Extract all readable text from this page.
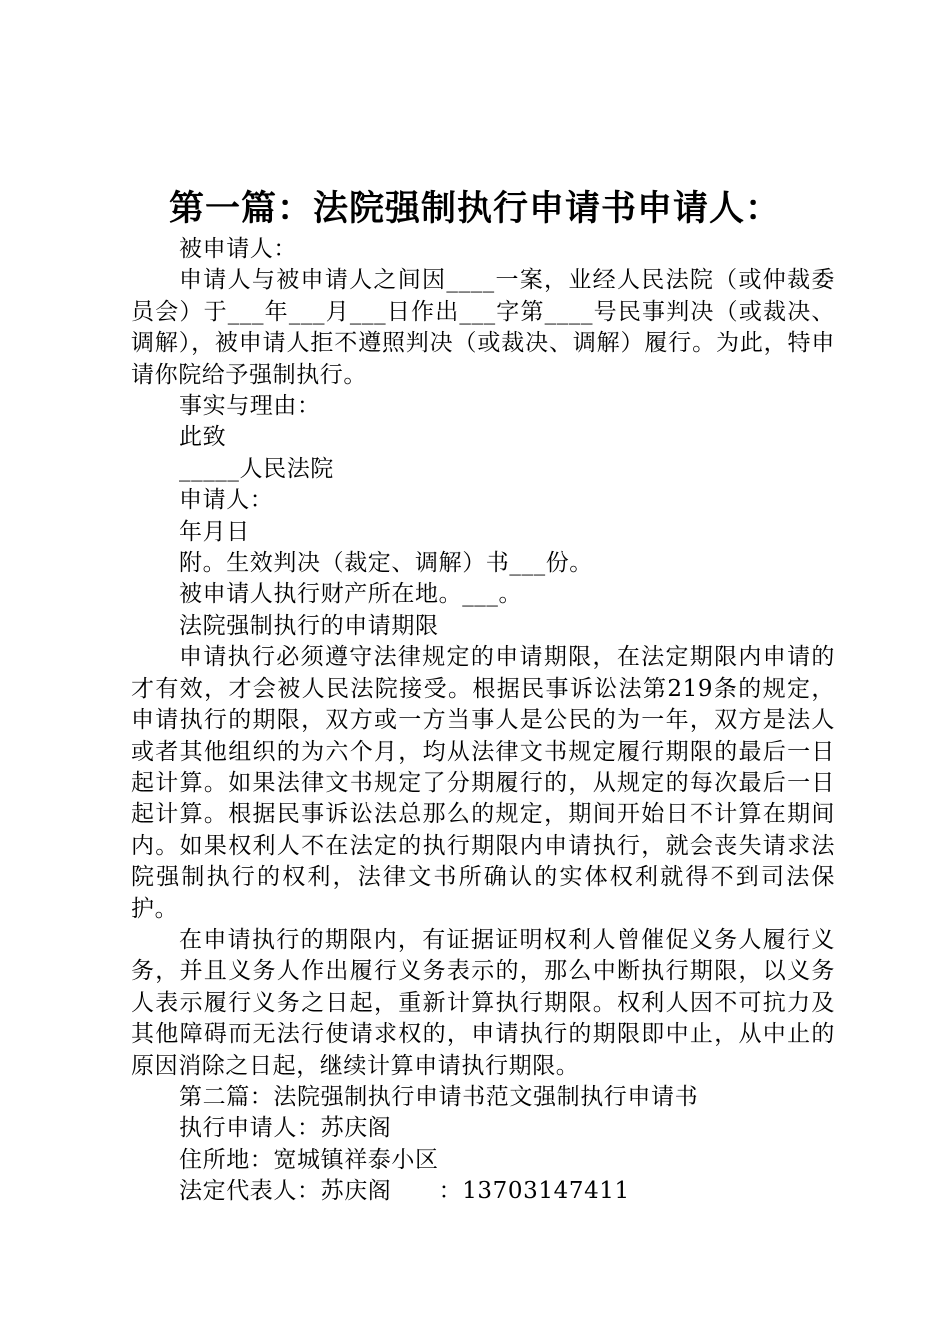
第一篇：法院强制执行申请书申请人：

被申请人：

申请人与被申请人之间因____一案，业经人民法院（或仲裁委员会）于___年___月___日作出___字第____号民事判决（或裁决、调解），被申请人拒不遵照判决（或裁决、调解）履行。为此，特申请你院给予强制执行。

事实与理由：

此致

_____人民法院

申请人：

年月日

附。生效判决（裁定、调解）书___份。

被申请人执行财产所在地。___。

法院强制执行的申请期限

申请执行必须遵守法律规定的申请期限，在法定期限内申请的才有效，才会被人民法院接受。根据民事诉讼法第219条的规定，申请执行的期限，双方或一方当事人是公民的为一年，双方是法人或者其他组织的为六个月，均从法律文书规定履行期限的最后一日起计算。如果法律文书规定了分期履行的，从规定的每次最后一日起计算。根据民事诉讼法总那么的规定，期间开始日不计算在期间内。如果权利人不在法定的执行期限内申请执行，就会丧失请求法院强制执行的权利，法律文书所确认的实体权利就得不到司法保护。

在申请执行的期限内，有证据证明权利人曾催促义务人履行义务，并且义务人作出履行义务表示的，那么中断执行期限，以义务人表示履行义务之日起，重新计算执行期限。权利人因不可抗力及其他障碍而无法行使请求权的，申请执行的期限即中止，从中止的原因消除之日起，继续计算申请执行期限。

第二篇：法院强制执行申请书范文强制执行申请书

执行申请人：苏庆阁

住所地：宽城镇祥泰小区

法定代表人：苏庆阁　　：13703147411
